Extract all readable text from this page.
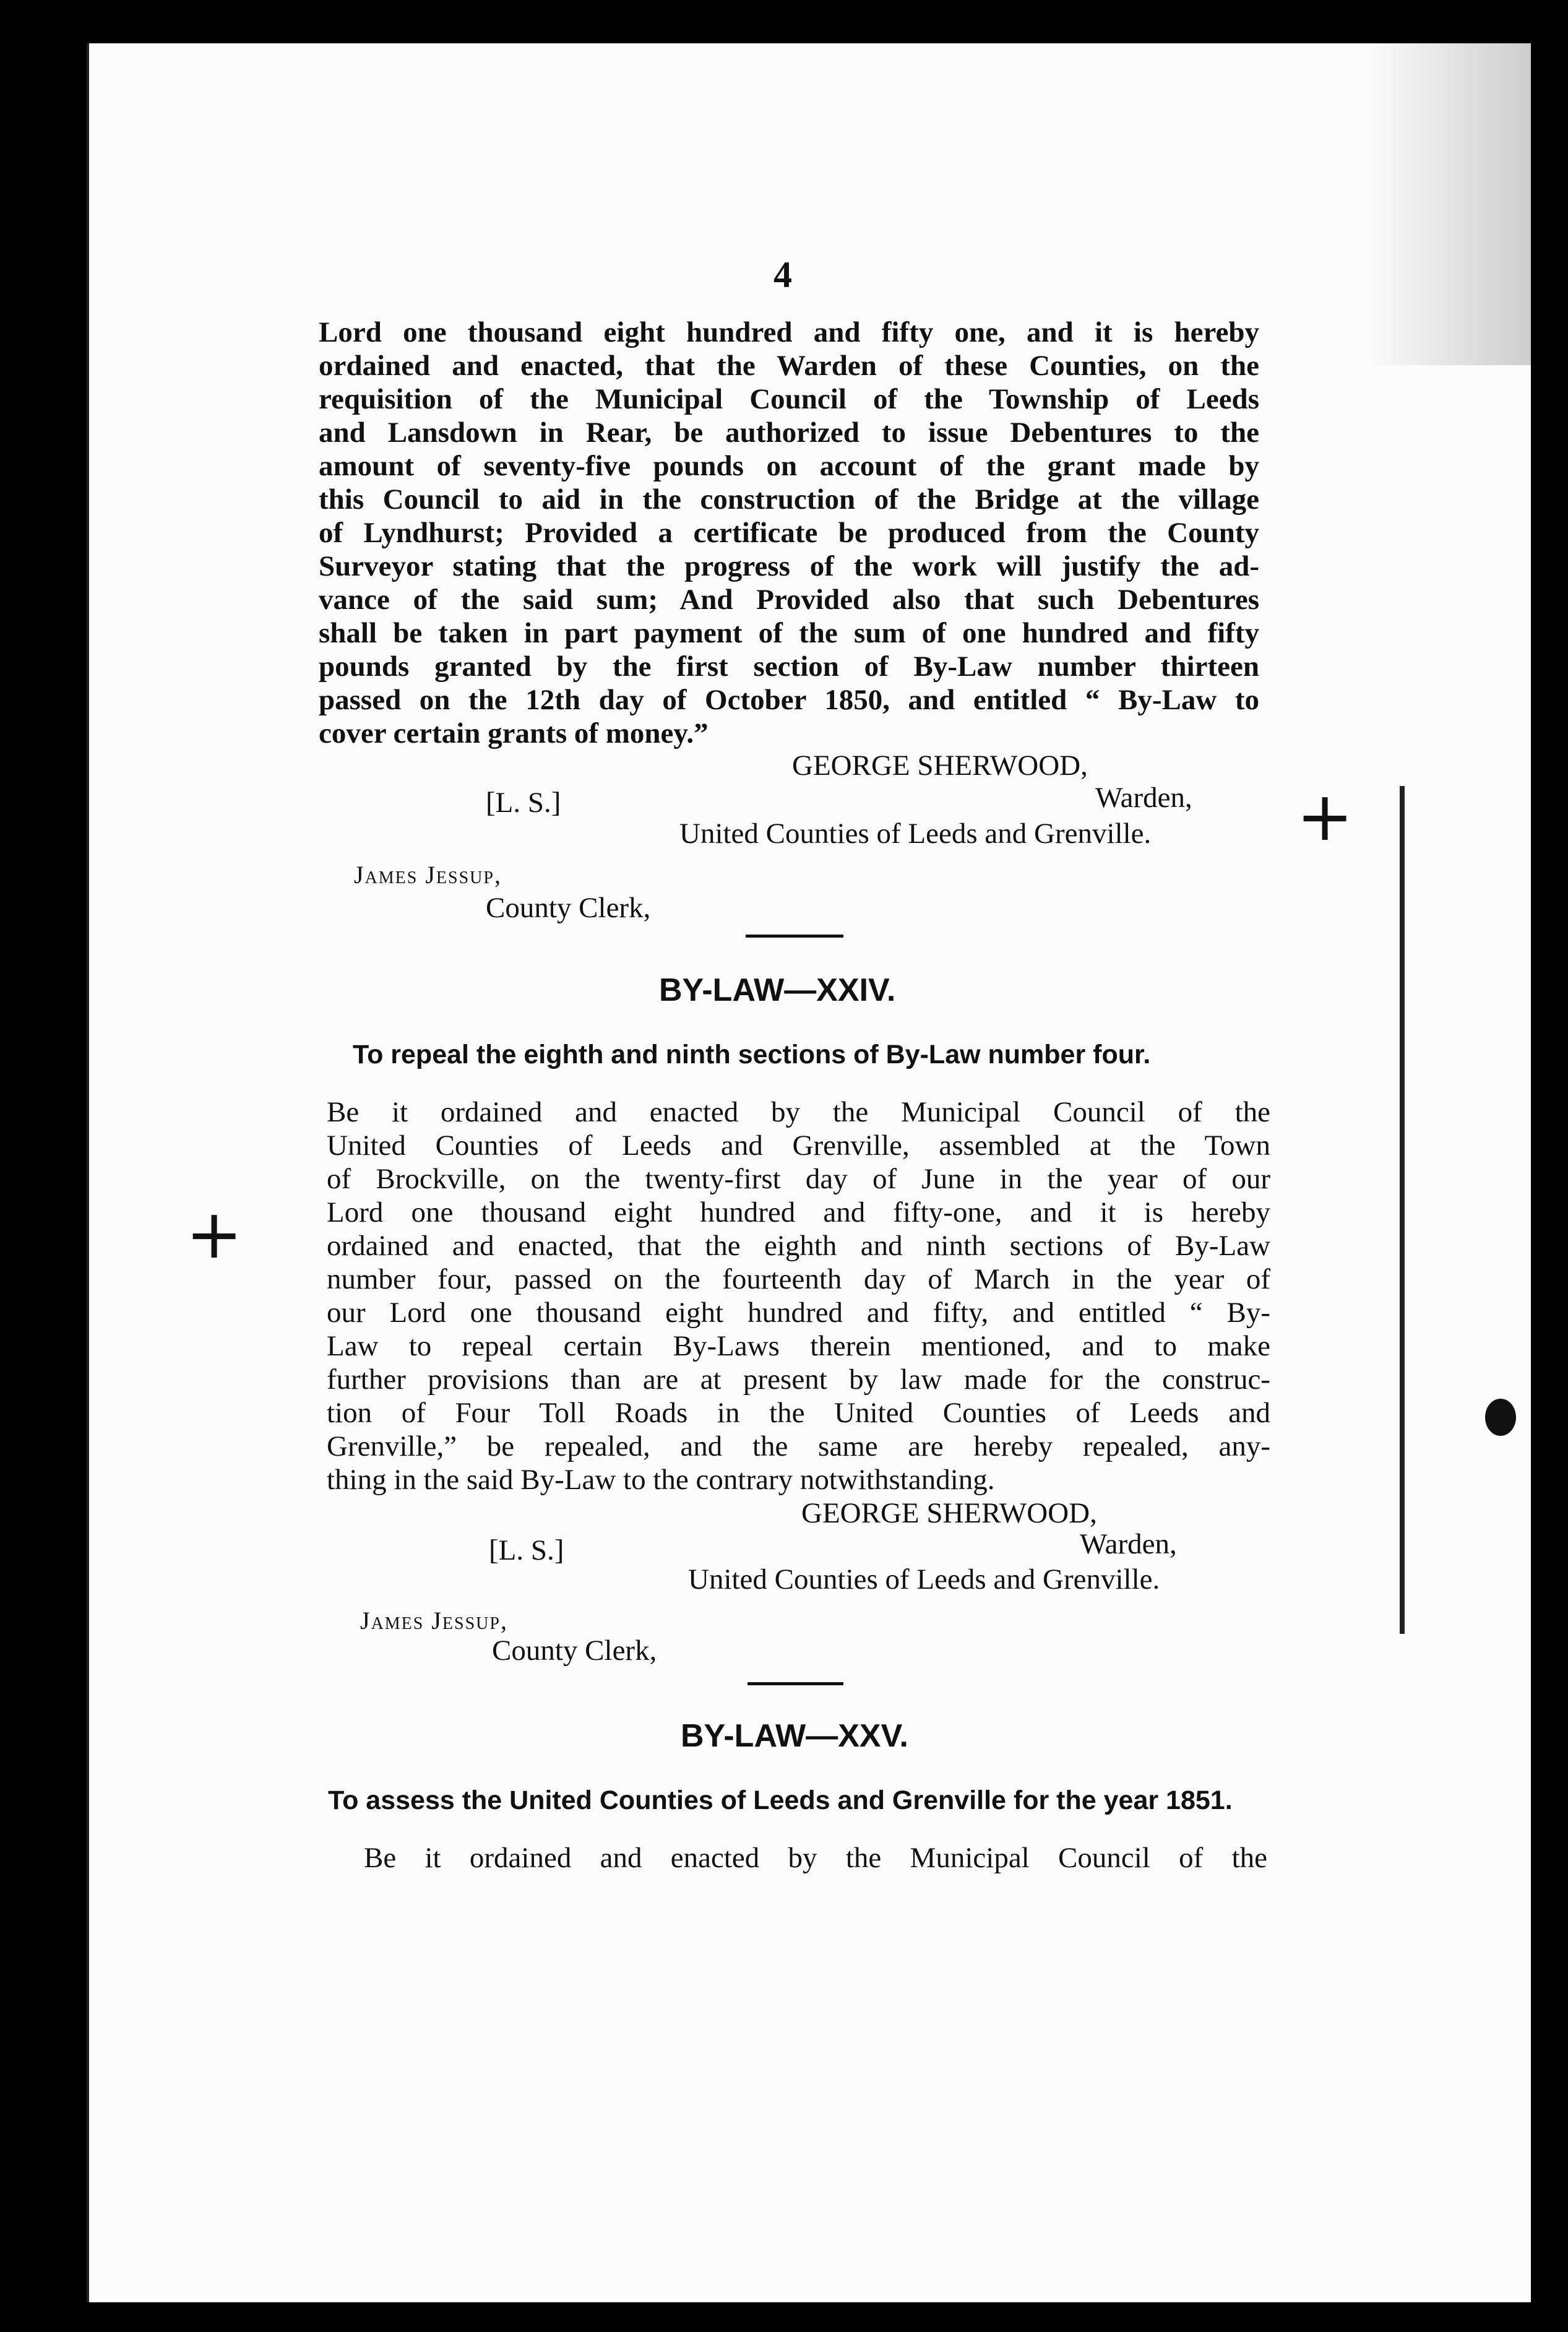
+
+
4
Lord one thousand eight hundred and fifty one, and it is hereby
ordained and enacted, that the Warden of these Counties, on the
requisition of the Municipal Council of the Township of Leeds
and Lansdown in Rear, be authorized to issue Debentures to the
amount of seventy-five pounds on account of the grant made by
this Council to aid in the construction of the Bridge at the village
of Lyndhurst; Provided a certificate be produced from the County
Surveyor stating that the progress of the work will justify the ad-
vance of the said sum; And Provided also that such Debentures
shall be taken in part payment of the sum of one hundred and fifty
pounds granted by the first section of By-Law number thirteen
passed on the 12th day of October 1850, and entitled “ By-Law to
cover certain grants of money.”
GEORGE SHERWOOD,
[L. S.]	Warden,
United Counties of Leeds and Grenville.
James Jessup,
County Clerk,
BY-LAW—XXIV.
To repeal the eighth and ninth sections of By-Law number four.
Be it ordained and enacted by the Municipal Council of the
United Counties of Leeds and Grenville, assembled at the Town
of Brockville, on the twenty-first day of June in the year of our
Lord one thousand eight hundred and fifty-one, and it is hereby
ordained and enacted, that the eighth and ninth sections of By-Law
number four, passed on the fourteenth day of March in the year of
our Lord one thousand eight hundred and fifty, and entitled “ By-
Law to repeal certain By-Laws therein mentioned, and to make
further provisions than are at present by law made for the construc-
tion of Four Toll Roads in the United Counties of Leeds and
Grenville,” be repealed, and the same are hereby repealed, any-
thing in the said By-Law to the contrary notwithstanding.
GEORGE SHERWOOD,
[L. S.]	Warden,
United Counties of Leeds and Grenville.
James Jessup,
County Clerk,
BY-LAW—XXV.
To assess the United Counties of Leeds and Grenville for the year 1851.
Be it ordained and enacted by the Municipal Council of the
